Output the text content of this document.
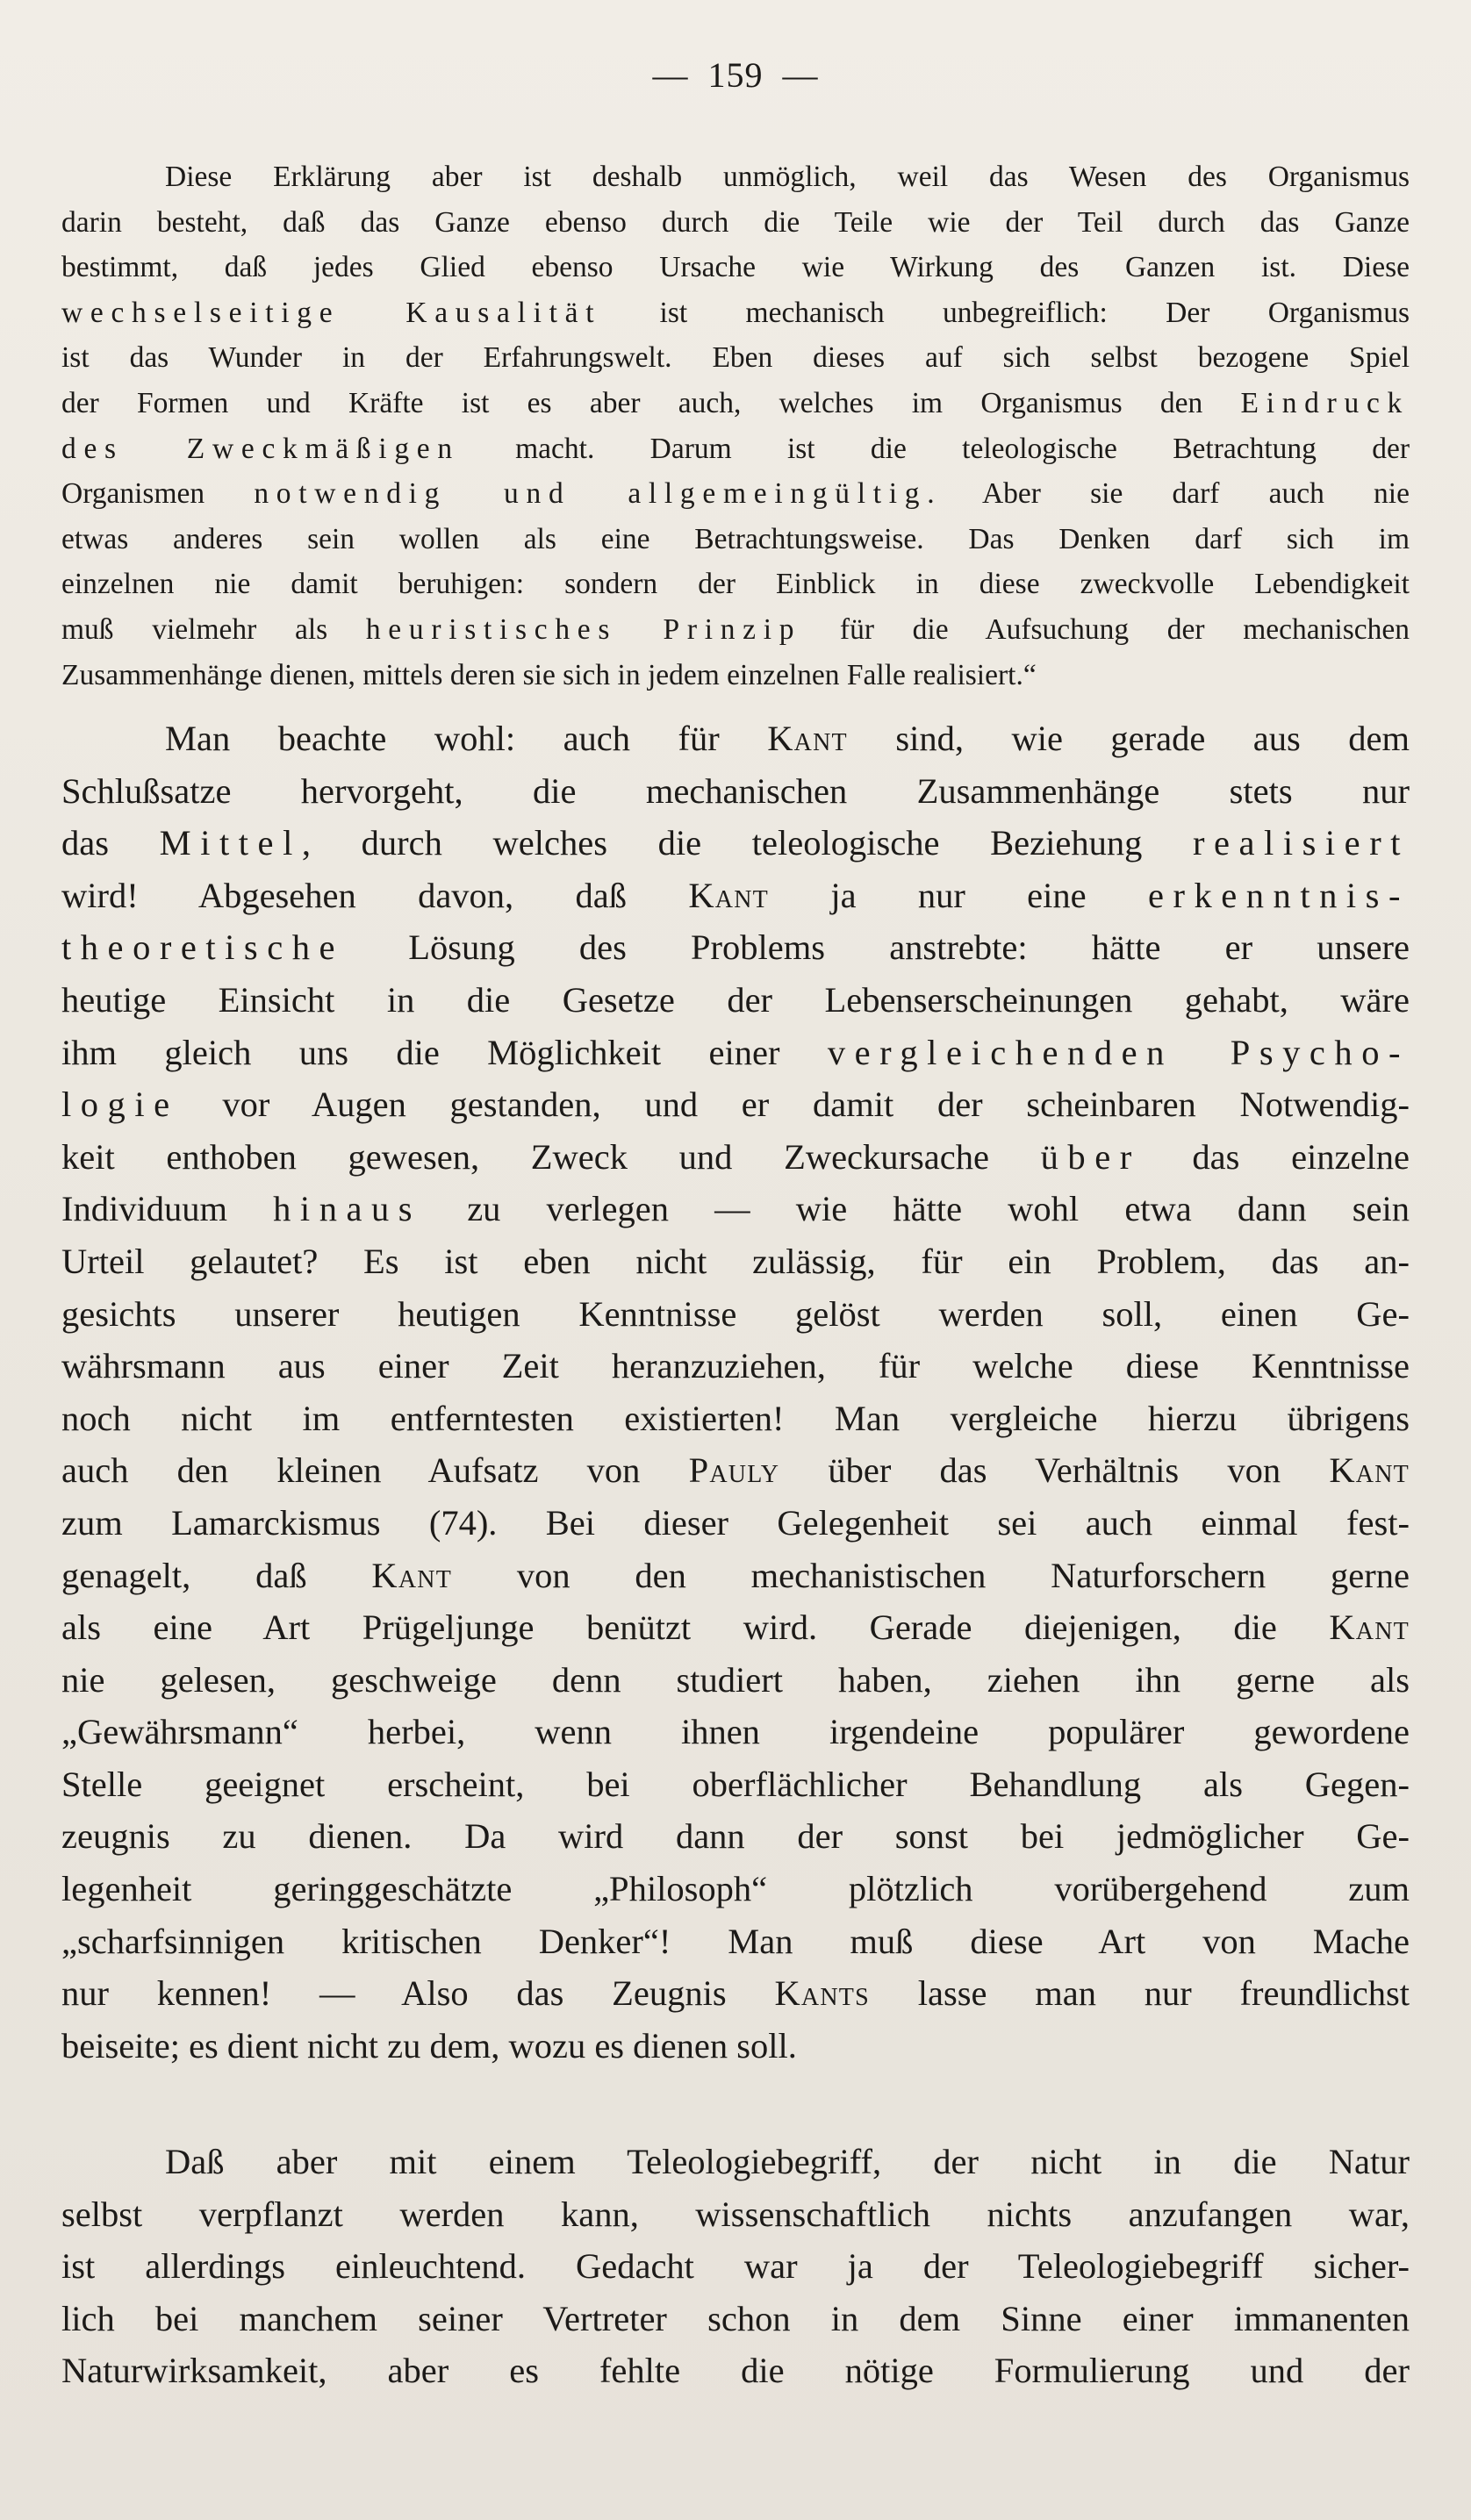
— 159 —
Diese Erklärung aber ist deshalb unmöglich, weil das Wesen des Organismus
darin besteht, daß das Ganze ebenso durch die Teile wie der Teil durch das Ganze
bestimmt, daß jedes Glied ebenso Ursache wie Wirkung des Ganzen ist. Diese
wechselseitige Kausalität ist mechanisch unbegreiflich: Der Organismus
ist das Wunder in der Erfahrungswelt. Eben dieses auf sich selbst bezogene Spiel
der Formen und Kräfte ist es aber auch, welches im Organismus den Eindruck
des Zweckmäßigen macht. Darum ist die teleologische Betrachtung der
Organismen notwendig und allgemeingültig. Aber sie darf auch nie
etwas anderes sein wollen als eine Betrachtungsweise. Das Denken darf sich im
einzelnen nie damit beruhigen: sondern der Einblick in diese zweckvolle Lebendigkeit
muß vielmehr als heuristisches Prinzip für die Aufsuchung der mechanischen
Zusammenhänge dienen, mittels deren sie sich in jedem einzelnen Falle realisiert.“
Man beachte wohl: auch für Kant sind, wie gerade aus dem
Schlußsatze hervorgeht, die mechanischen Zusammenhänge stets nur
das Mittel, durch welches die teleologische Beziehung realisiert
wird! Abgesehen davon, daß Kant ja nur eine erkenntnis-
theoretische Lösung des Problems anstrebte: hätte er unsere
heutige Einsicht in die Gesetze der Lebenserscheinungen gehabt, wäre
ihm gleich uns die Möglichkeit einer vergleichenden Psycho-
logie vor Augen gestanden, und er damit der scheinbaren Notwendig-
keit enthoben gewesen, Zweck und Zweckursache über das einzelne
Individuum hinaus zu verlegen — wie hätte wohl etwa dann sein
Urteil gelautet? Es ist eben nicht zulässig, für ein Problem, das an-
gesichts unserer heutigen Kenntnisse gelöst werden soll, einen Ge-
währsmann aus einer Zeit heranzuziehen, für welche diese Kenntnisse
noch nicht im entferntesten existierten! Man vergleiche hierzu übrigens
auch den kleinen Aufsatz von Pauly über das Verhältnis von Kant
zum Lamarckismus (74). Bei dieser Gelegenheit sei auch einmal fest-
genagelt, daß Kant von den mechanistischen Naturforschern gerne
als eine Art Prügeljunge benützt wird. Gerade diejenigen, die Kant
nie gelesen, geschweige denn studiert haben, ziehen ihn gerne als
„Gewährsmann“ herbei, wenn ihnen irgendeine populärer gewordene
Stelle geeignet erscheint, bei oberflächlicher Behandlung als Gegen-
zeugnis zu dienen. Da wird dann der sonst bei jedmöglicher Ge-
legenheit geringgeschätzte „Philosoph“ plötzlich vorübergehend zum
„scharfsinnigen kritischen Denker“! Man muß diese Art von Mache
nur kennen! — Also das Zeugnis Kants lasse man nur freundlichst
beiseite; es dient nicht zu dem, wozu es dienen soll.
Daß aber mit einem Teleologiebegriff, der nicht in die Natur
selbst verpflanzt werden kann, wissenschaftlich nichts anzufangen war,
ist allerdings einleuchtend. Gedacht war ja der Teleologiebegriff sicher-
lich bei manchem seiner Vertreter schon in dem Sinne einer immanenten
Naturwirksamkeit, aber es fehlte die nötige Formulierung und der
